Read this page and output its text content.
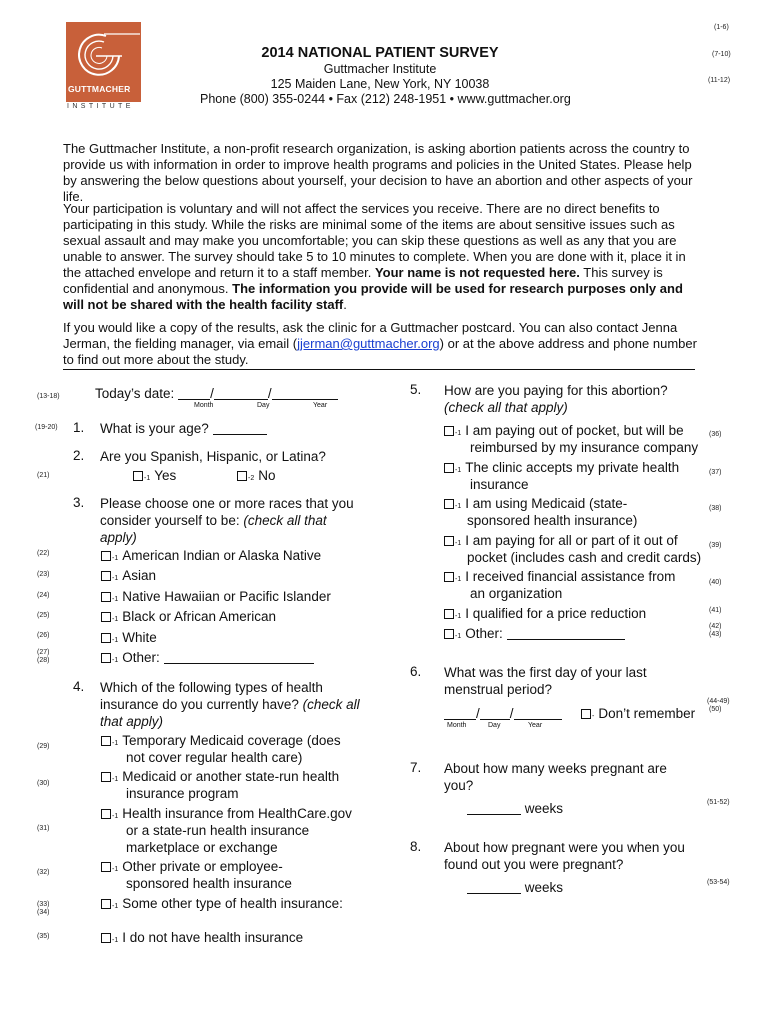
(1-6)
(7-10)
(11-12)
GUTTMACHER
INSTITUTE
2014 NATIONAL PATIENT SURVEY
Guttmacher Institute
125 Maiden Lane, New York, NY 10038
Phone (800) 355-0244 • Fax (212) 248-1951 • www.guttmacher.org

The Guttmacher Institute, a non-profit research organization, is asking abortion patients across the country to provide us with information in order to improve health programs and policies in the United States. Please help by answering the below questions about yourself, your decision to have an abortion and other aspects of your life.

Your participation is voluntary and will not affect the services you receive. There are no direct benefits to participating in this study. While the risks are minimal some of the items are about sensitive issues such as sexual assault and may make you uncomfortable; you can skip these questions as well as any that you are unable to answer. The survey should take 5 to 10 minutes to complete. When you are done with it, place it in the attached envelope and return it to a staff member. Your name is not requested here. This survey is confidential and anonymous. The information you provide will be used for research purposes only and will not be shared with the health facility staff.

If you would like a copy of the results, ask the clinic for a Guttmacher postcard. You can also contact Jenna Jerman, the fielding manager, via email (jjerman@guttmacher.org) or at the above address and phone number to find out more about the study.

(13-18)	Today’s date:	/	/
Month	Day	Year
(19-20) 1. What is your age?
2. Are you Spanish, Hispanic, or Latina?
(21)	-1 Yes	-2 No
3. Please choose one or more races that you
consider yourself to be: (check all that
apply)
(22)
-1 American Indian or Alaska Native
(23)
-1 Asian
(24)
-1 Native Hawaiian or Pacific Islander
(25)
-1 Black or African American
(26)
-1 White
(27)
(28)	-1 Other:
4. Which of the following types of health
insurance do you currently have? (check all
that apply)
(29)	-1 Temporary Medicaid coverage (does
not cover regular health care)
(30)
-1 Medicaid or another state-run health
insurance program
(31)
-1 Health insurance from HealthCare.gov
or a state-run health insurance
marketplace or exchange
(32)	-1 Other private or employee-
sponsored health insurance
(33)
(34)
-1 Some other type of health insurance:
(35)
-1 I do not have health insurance
5. How are you paying for this abortion?
(check all that apply)
-1 I am paying out of pocket, but will be
reimbursed by my insurance company
(36)
-1 The clinic accepts my private health
insurance
(37)
-1 I am using Medicaid (state-
sponsored health insurance)
(38)
-1 I am paying for all or part of it out of
pocket (includes cash and credit cards)
(39)
-1 I received financial assistance from
an organization
(40)
-1 I qualified for a price reduction	(41)
-1 Other:	(42)
(43)
6. What was the first day of your last
menstrual period?
/ /
Month	Day	Year
- Don’t remember
(44-49)
(50)
7. About how many weeks pregnant are
you?
weeks	(51-52)
8. About how pregnant were you when you
found out you were pregnant?
weeks	(53-54)
